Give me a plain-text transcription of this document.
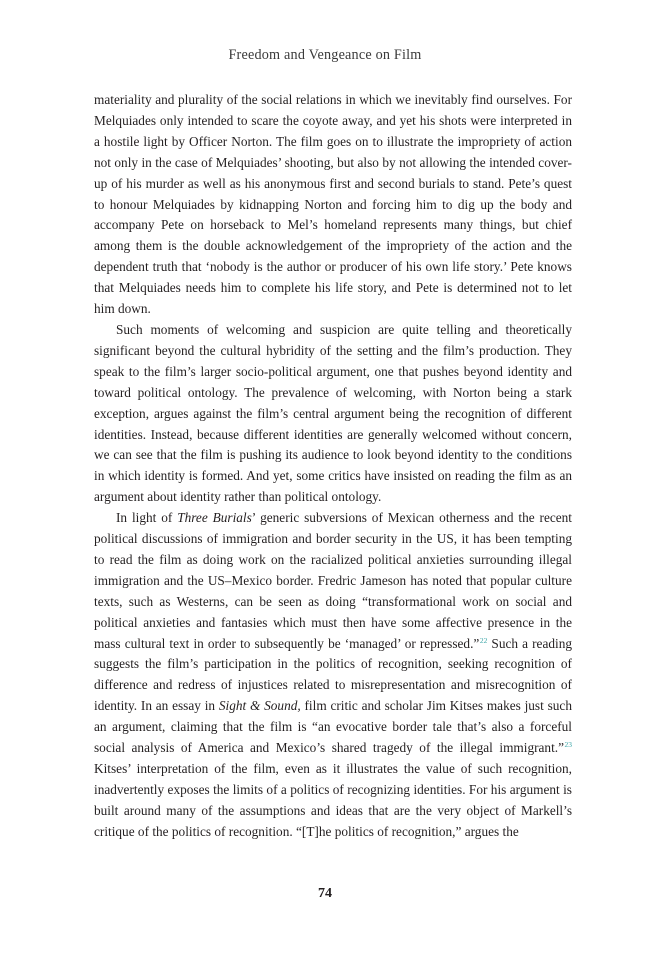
Freedom and Vengeance on Film

materiality and plurality of the social relations in which we inevitably find ourselves. For Melquiades only intended to scare the coyote away, and yet his shots were interpreted in a hostile light by Officer Norton. The film goes on to illustrate the impropriety of action not only in the case of Melquiades’ shooting, but also by not allowing the intended cover-up of his murder as well as his anonymous first and second burials to stand. Pete’s quest to honour Melquiades by kidnapping Norton and forcing him to dig up the body and accompany Pete on horseback to Mel’s homeland represents many things, but chief among them is the double acknowledgement of the impropriety of the action and the dependent truth that ‘nobody is the author or producer of his own life story.’ Pete knows that Melquiades needs him to complete his life story, and Pete is determined not to let him down.

Such moments of welcoming and suspicion are quite telling and theoretically significant beyond the cultural hybridity of the setting and the film’s production. They speak to the film’s larger socio-political argument, one that pushes beyond identity and toward political ontology. The prevalence of welcoming, with Norton being a stark exception, argues against the film’s central argument being the recognition of different identities. Instead, because different identities are generally welcomed without concern, we can see that the film is pushing its audience to look beyond identity to the conditions in which identity is formed. And yet, some critics have insisted on reading the film as an argument about identity rather than political ontology.

In light of Three Burials’ generic subversions of Mexican otherness and the recent political discussions of immigration and border security in the US, it has been tempting to read the film as doing work on the racialized political anxieties surrounding illegal immigration and the US–Mexico border. Fredric Jameson has noted that popular culture texts, such as Westerns, can be seen as doing “transformational work on social and political anxieties and fantasies which must then have some affective presence in the mass cultural text in order to subsequently be ‘managed’ or repressed.”$^{22}$ Such a reading suggests the film’s participation in the politics of recognition, seeking recognition of difference and redress of injustices related to misrepresentation and misrecognition of identity. In an essay in Sight & Sound, film critic and scholar Jim Kitses makes just such an argument, claiming that the film is “an evocative border tale that’s also a forceful social analysis of America and Mexico’s shared tragedy of the illegal immigrant.”$^{23}$ Kitses’ interpretation of the film, even as it illustrates the value of such recognition, inadvertently exposes the limits of a politics of recognizing identities. For his argument is built around many of the assumptions and ideas that are the very object of Markell’s critique of the politics of recognition. “[T]he politics of recognition,” argues the

74
